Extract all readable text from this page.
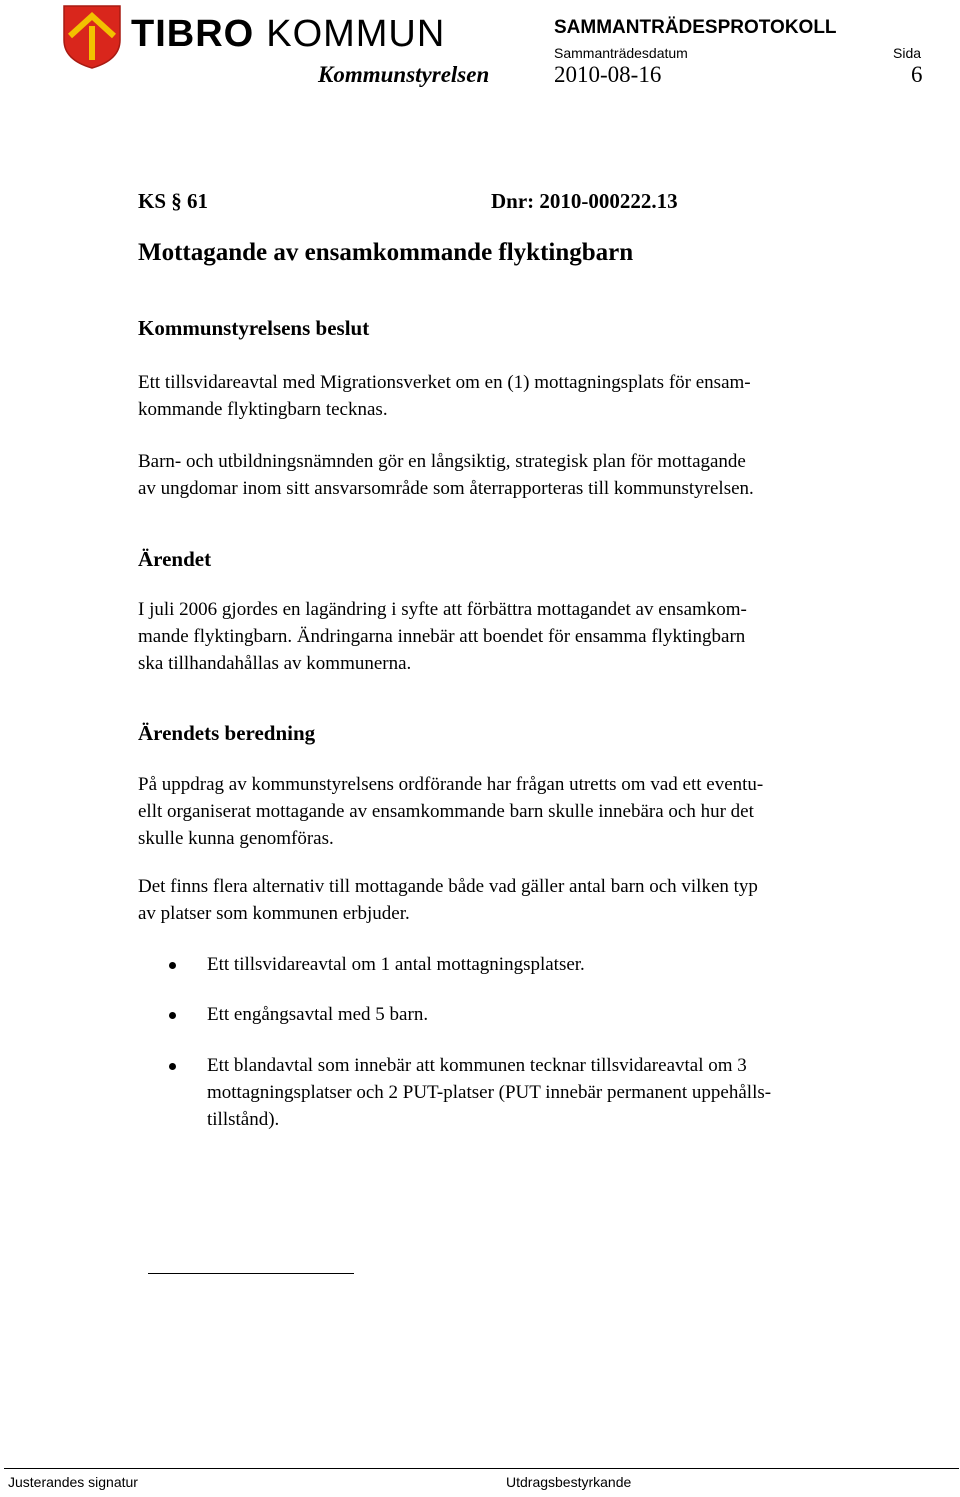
TIBRO KOMMUN	SAMMANTRÄDESPROTOKOLL
Sammanträdesdatum	Sida
Kommunstyrelsen	2010-08-16	6
KS § 61	Dnr: 2010-000222.13
Mottagande av ensamkommande flyktingbarn
Kommunstyrelsens beslut
Ett tillsvidareavtal med Migrationsverket om en (1) mottagningsplats för ensam-
kommande flyktingbarn tecknas.
Barn- och utbildningsnämnden gör en långsiktig, strategisk plan för mottagande
av ungdomar inom sitt ansvarsområde som återrapporteras till kommunstyrelsen.
Ärendet
I juli 2006 gjordes en lagändring i syfte att förbättra mottagandet av ensamkom-
mande flyktingbarn. Ändringarna innebär att boendet för ensamma flyktingbarn
ska tillhandahållas av kommunerna.
Ärendets beredning
På uppdrag av kommunstyrelsens ordförande har frågan utretts om vad ett eventu-
ellt organiserat mottagande av ensamkommande barn skulle innebära och hur det
skulle kunna genomföras.
Det finns flera alternativ till mottagande både vad gäller antal barn och vilken typ
av platser som kommunen erbjuder.
Ett tillsvidareavtal om 1 antal mottagningsplatser.
Ett engångsavtal med 5 barn.
Ett blandavtal som innebär att kommunen tecknar tillsvidareavtal om 3
mottagningsplatser och 2 PUT-platser (PUT innebär permanent uppehålls-
tillstånd).
Justerandes signatur	Utdragsbestyrkande
